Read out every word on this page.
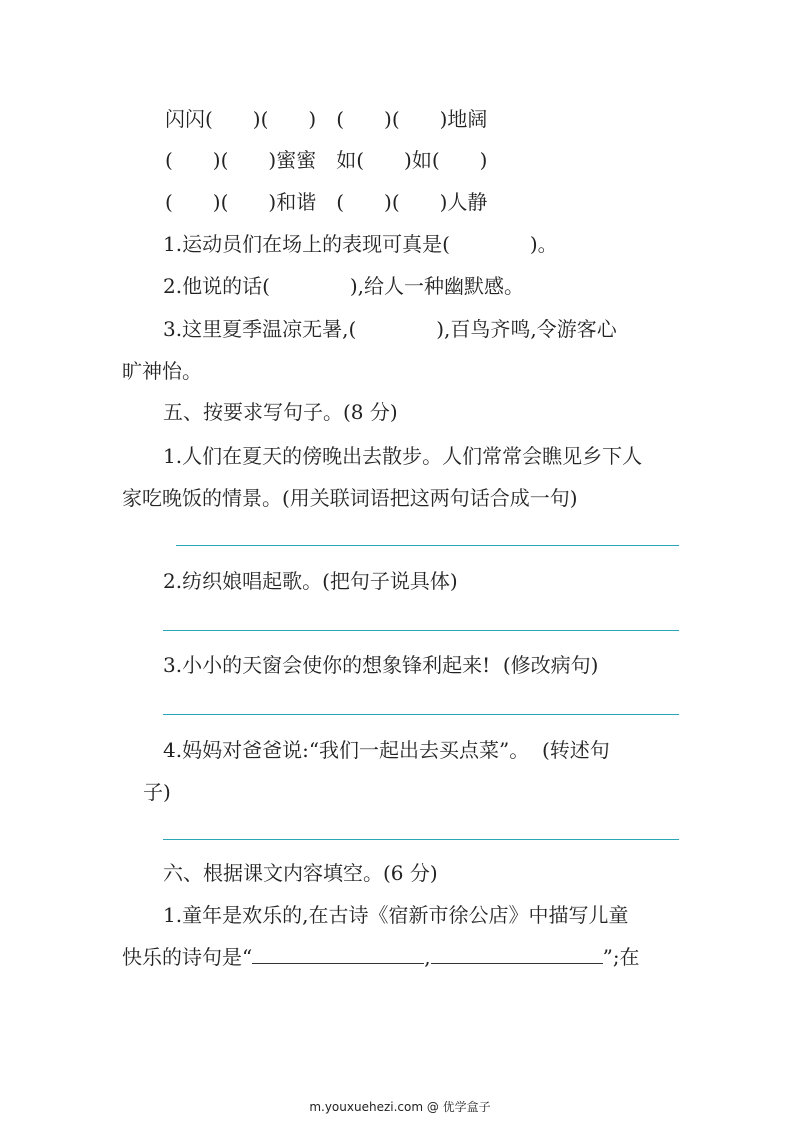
闪闪(　　)(　　)　(　　)(　　)地阔
(　　)(　　)蜜蜜　如(　　)如(　　)
(　　)(　　)和谐　(　　)(　　)人静
1.运动员们在场上的表现可真是(　　　　)。
2.他说的话(　　　　),给人一种幽默感。
3.这里夏季温凉无暑,(　　　　),百鸟齐鸣,令游客心
旷神怡。
五、按要求写句子。(8 分)
1.人们在夏天的傍晚出去散步。人们常常会瞧见乡下人
家吃晚饭的情景。(用关联词语把这两句话合成一句)
2.纺织娘唱起歌。(把句子说具体)
3.小小的天窗会使你的想象锋利起来!  (修改病句)
4.妈妈对爸爸说:“我们一起出去买点菜”。  (转述句
子)
六、根据课文内容填空。(6 分)
1.童年是欢乐的,在古诗《宿新市徐公店》中描写儿童
快乐的诗句是“	,	”;在
m.youxuehezi.com @ 优学盒子
